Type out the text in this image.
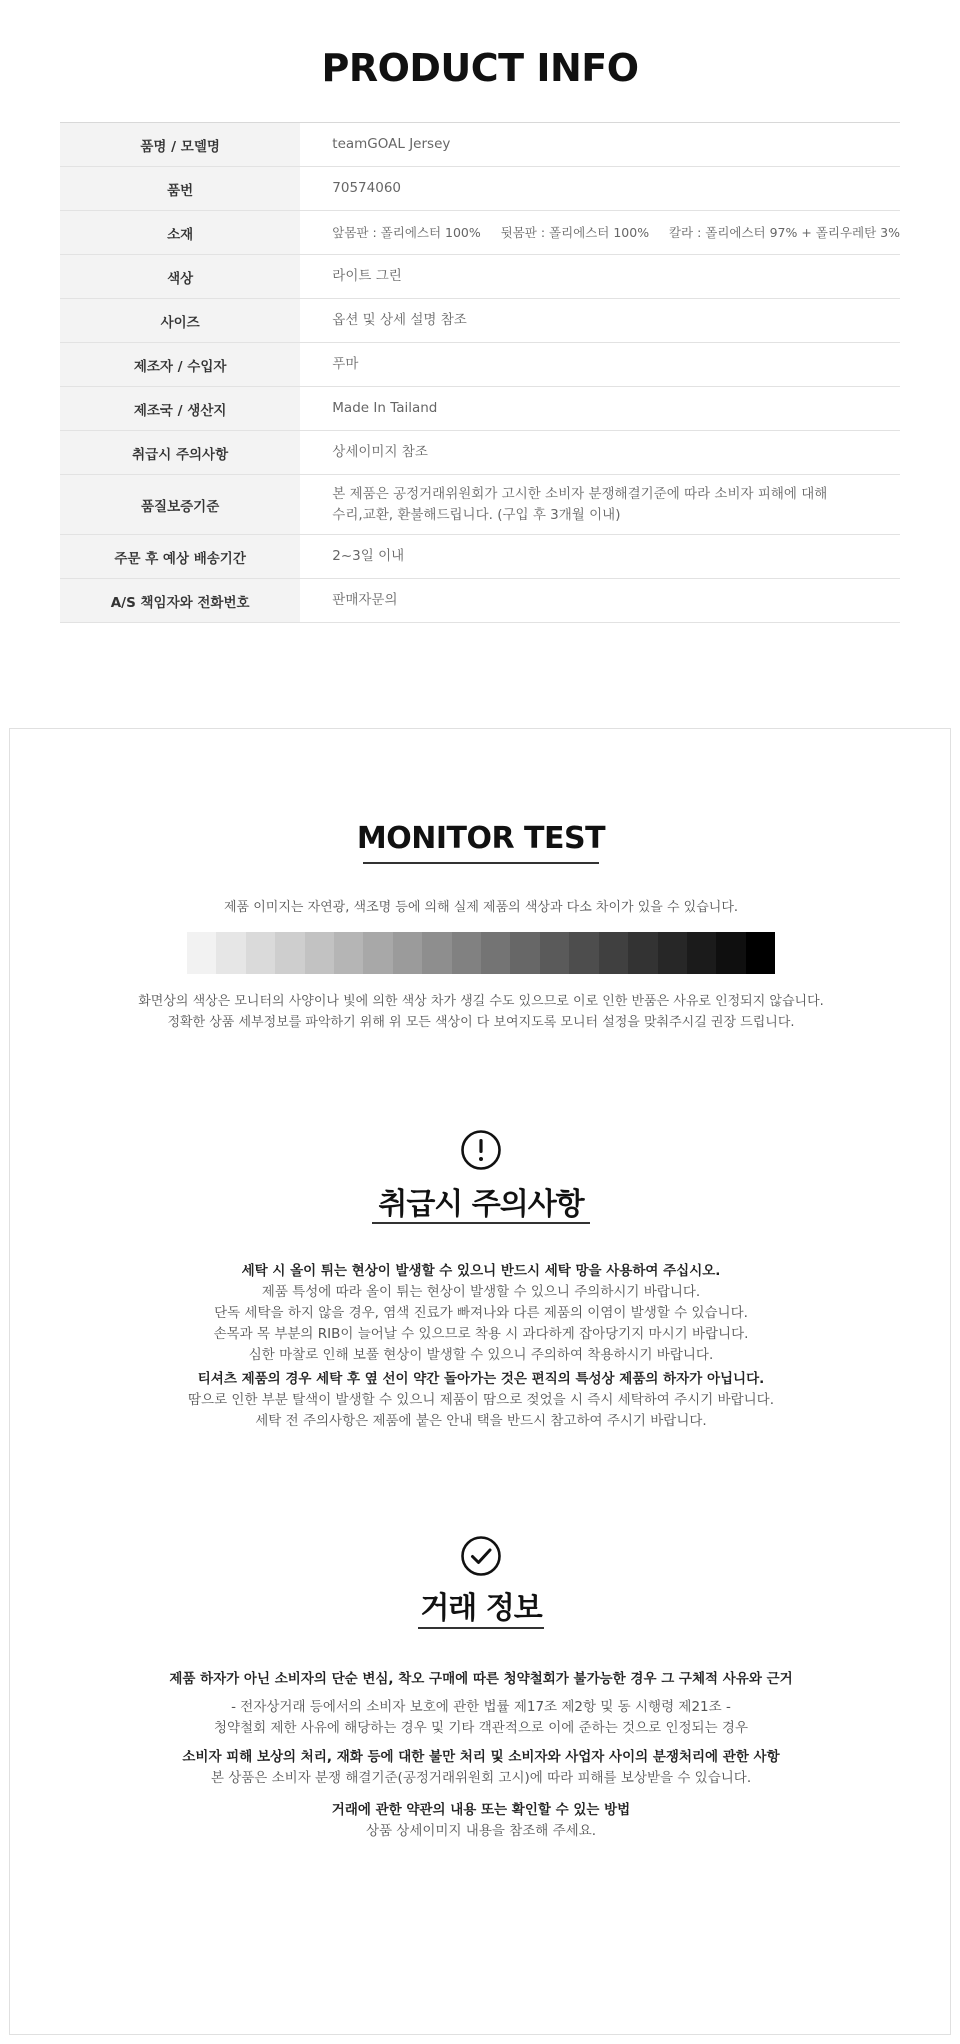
PRODUCT INFO
품명 / 모델명	teamGOAL Jersey
품번	70574060
소재	앞몸판 : 폴리에스터 100%     뒷몸판 : 폴리에스터 100%     칼라 : 폴리에스터 97% + 폴리우레탄 3%
색상	라이트 그린
사이즈	옵션 및 상세 설명 참조
제조자 / 수입자	푸마
제조국 / 생산지	Made In Tailand
취급시 주의사항	상세이미지 참조
품질보증기준	본 제품은 공정거래위원회가 고시한 소비자 분쟁해결기준에 따라 소비자 피해에 대해
수리,교환, 환불해드립니다. (구입 후 3개월 이내)

주문 후 예상 배송기간	2~3일 이내
A/S 책임자와 전화번호	판매자문의
MONITOR TEST
제품 이미지는 자연광, 색조명 등에 의해 실제 제품의 색상과 다소 차이가 있을 수 있습니다.
화면상의 색상은 모니터의 사양이나 빛에 의한 색상 차가 생길 수도 있으므로 이로 인한 반품은 사유로 인정되지 않습니다.
정확한 상품 세부정보를 파악하기 위해 위 모든 색상이 다 보여지도록 모니터 설정을 맞춰주시길 권장 드립니다.
취급시 주의사항
세탁 시 올이 튀는 현상이 발생할 수 있으니 반드시 세탁 망을 사용하여 주십시오.
제품 특성에 따라 올이 튀는 현상이 발생할 수 있으니 주의하시기 바랍니다.
단독 세탁을 하지 않을 경우, 염색 진료가 빠져나와 다른 제품의 이염이 발생할 수 있습니다.
손목과 목 부분의 RIB이 늘어날 수 있으므로 착용 시 과다하게 잡아당기지 마시기 바랍니다.
심한 마찰로 인해 보풀 현상이 발생할 수 있으니 주의하여 착용하시기 바랍니다.
티셔츠 제품의 경우 세탁 후 옆 선이 약간 돌아가는 것은 편직의 특성상 제품의 하자가 아닙니다.
땀으로 인한 부분 탈색이 발생할 수 있으니 제품이 땀으로 젖었을 시 즉시 세탁하여 주시기 바랍니다.
세탁 전 주의사항은 제품에 붙은 안내 택을 반드시 참고하여 주시기 바랍니다.
거래 정보
제품 하자가 아닌 소비자의 단순 변심, 착오 구매에 따른 청약철회가 불가능한 경우 그 구체적 사유와 근거
- 전자상거래 등에서의 소비자 보호에 관한 법률 제17조 제2항 및 동 시행령 제21조 -
청약철회 제한 사유에 해당하는 경우 및 기타 객관적으로 이에 준하는 것으로 인정되는 경우
소비자 피해 보상의 처리, 재화 등에 대한 불만 처리 및 소비자와 사업자 사이의 분쟁처리에 관한 사항
본 상품은 소비자 분쟁 해결기준(공정거래위원회 고시)에 따라 피해를 보상받을 수 있습니다.
거래에 관한 약관의 내용 또는 확인할 수 있는 방법
상품 상세이미지 내용을 참조해 주세요.
